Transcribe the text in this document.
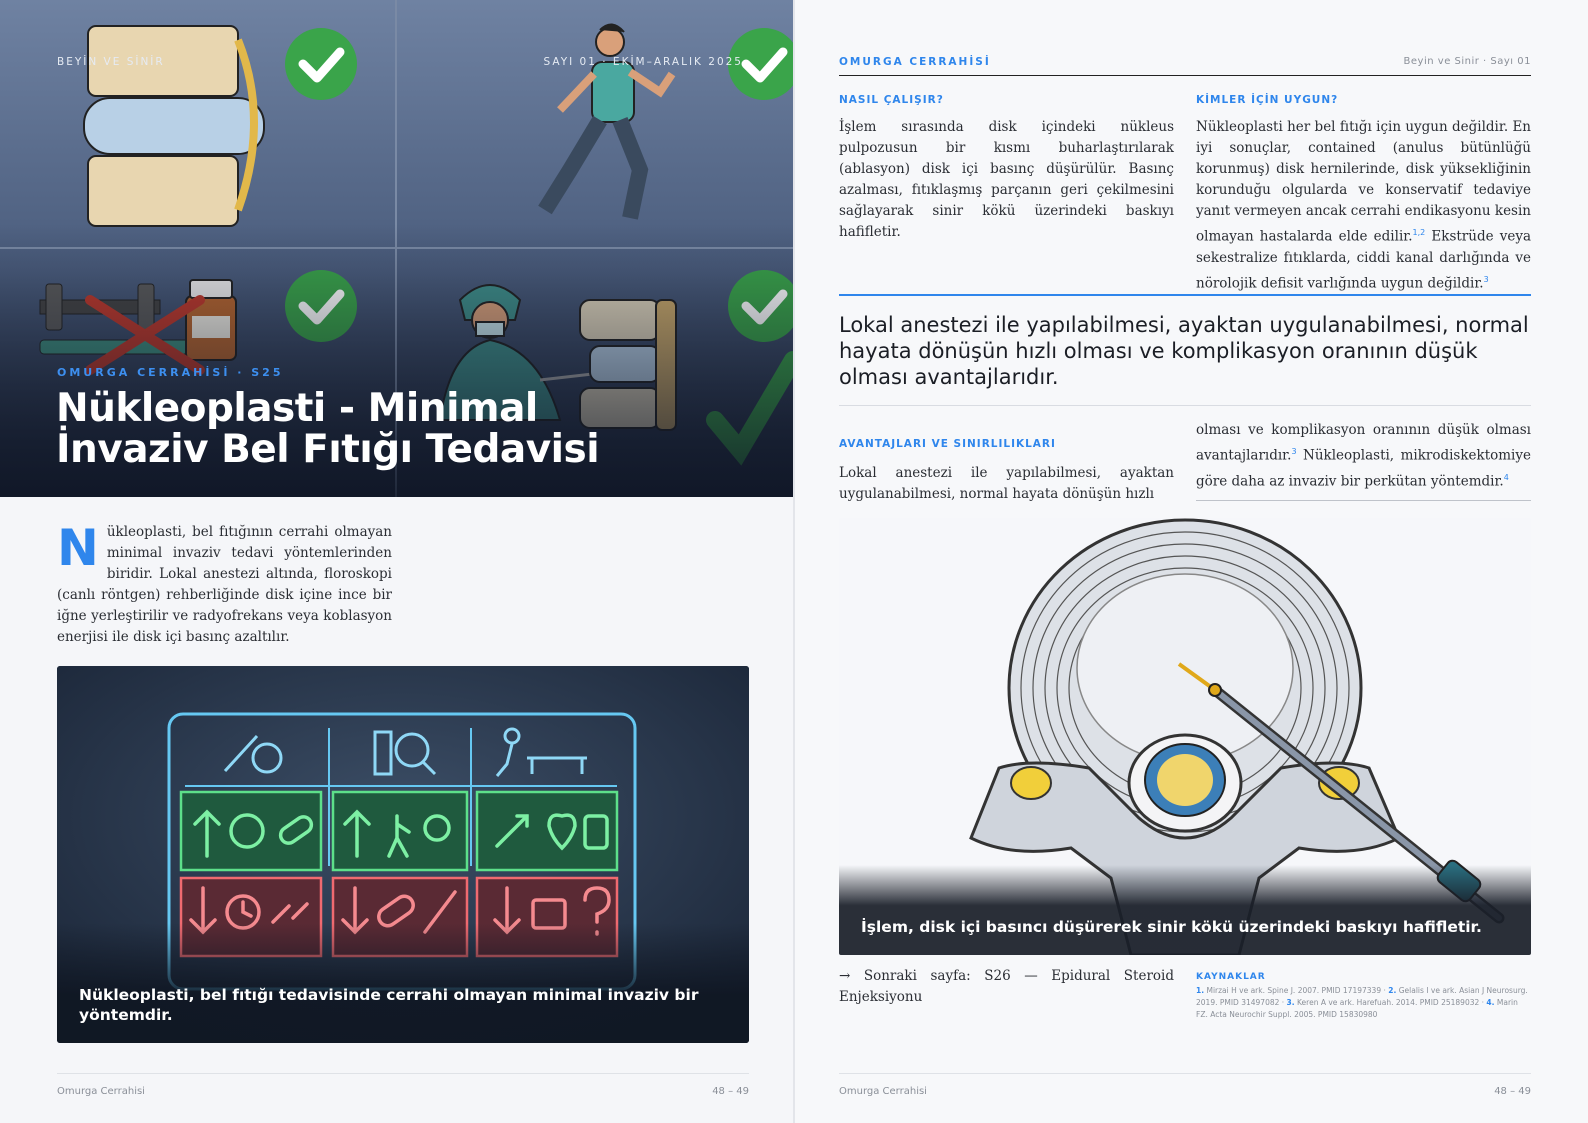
BEYİN VE SİNİR	SAYI 01 · EKİM–ARALIK 2025
OMURGA CERRAHİSİ · S25
Nükleoplasti - Minimal
İnvaziv Bel Fıtığı Tedavisi
Nükleoplasti, bel fıtığının cerrahi olmayan minimal invaziv tedavi yöntemlerinden biridir. Lokal anestezi altında, floroskopi (canlı röntgen) rehberliğinde disk içine ince bir iğne yerleştirilir ve radyofrekans veya koblasyon enerjisi ile disk içi basınç azaltılır.
Nükleoplasti, bel fıtığı tedavisinde cerrahi olmayan minimal invaziv bir yöntemdir.
Omurga Cerrahisi	48 – 49
OMURGA CERRAHİSİ	Beyin ve Sinir · Sayı 01
NASIL ÇALIŞIR?
İşlem sırasında disk içindeki nükleus pulpozusun bir kısmı buharlaştırılarak (ablasyon) disk içi basınç düşürülür. Basınç azalması, fıtıklaşmış parçanın geri çekilmesini sağlayarak sinir kökü üzerindeki baskıyı hafifletir.
KİMLER İÇİN UYGUN?
Nükleoplasti her bel fıtığı için uygun değildir. En iyi sonuçlar, contained (anulus bütünlüğü korunmuş) disk hernilerinde, disk yüksekliğinin korunduğu olgularda ve konservatif tedaviye yanıt vermeyen ancak cerrahi endikasyonu kesin olmayan hastalarda elde edilir.$^{1,2}$ Ekstrüde veya sekestralize fıtıklarda, ciddi kanal darlığında ve nörolojik defisit varlığında uygun değildir.$^3$
Lokal anestezi ile yapılabilmesi, ayaktan uygulanabilmesi, normal hayata dönüşün hızlı olması ve komplikasyon oranının düşük olması avantajlarıdır.
AVANTAJLARI VE SINIRLILIKLARI
Lokal anestezi ile yapılabilmesi, ayaktan uygulanabilmesi, normal hayata dönüşün hızlı
olması ve komplikasyon oranının düşük olması avantajlarıdır.$^3$ Nükleoplasti, mikrodiskektomiye göre daha az invaziv bir perkütan yöntemdir.$^4$
İşlem, disk içi basıncı düşürerek sinir kökü üzerindeki baskıyı hafifletir.
→ Sonraki sayfa: S26 — Epidural Steroid Enjeksiyonu
KAYNAKLAR
1. Mirzai H ve ark. Spine J. 2007. PMID 17197339 · 2. Gelalis I ve ark. Asian J Neurosurg. 2019. PMID 31497082 · 3. Keren A ve ark. Harefuah. 2014. PMID 25189032 · 4. Marin FZ. Acta Neurochir Suppl. 2005. PMID 15830980
Omurga Cerrahisi	48 – 49
